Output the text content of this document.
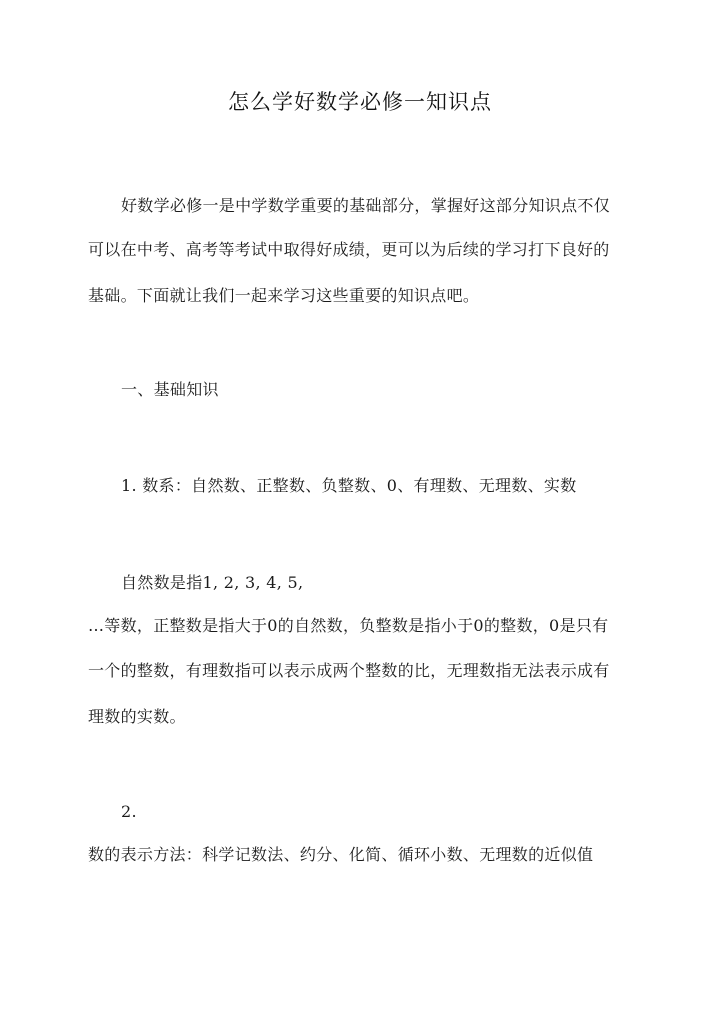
怎么学好数学必修一知识点
好数学必修一是中学数学重要的基础部分，掌握好这部分知识点不仅
可以在中考、高考等考试中取得好成绩，更可以为后续的学习打下良好的
基础。下面就让我们一起来学习这些重要的知识点吧。
一、基础知识
1. 数系：自然数、正整数、负整数、0、有理数、无理数、实数
自然数是指1, 2, 3, 4, 5,
…等数，正整数是指大于0的自然数，负整数是指小于0的整数，0是只有
一个的整数，有理数指可以表示成两个整数的比，无理数指无法表示成有
理数的实数。
2.
数的表示方法：科学记数法、约分、化简、循环小数、无理数的近似值
